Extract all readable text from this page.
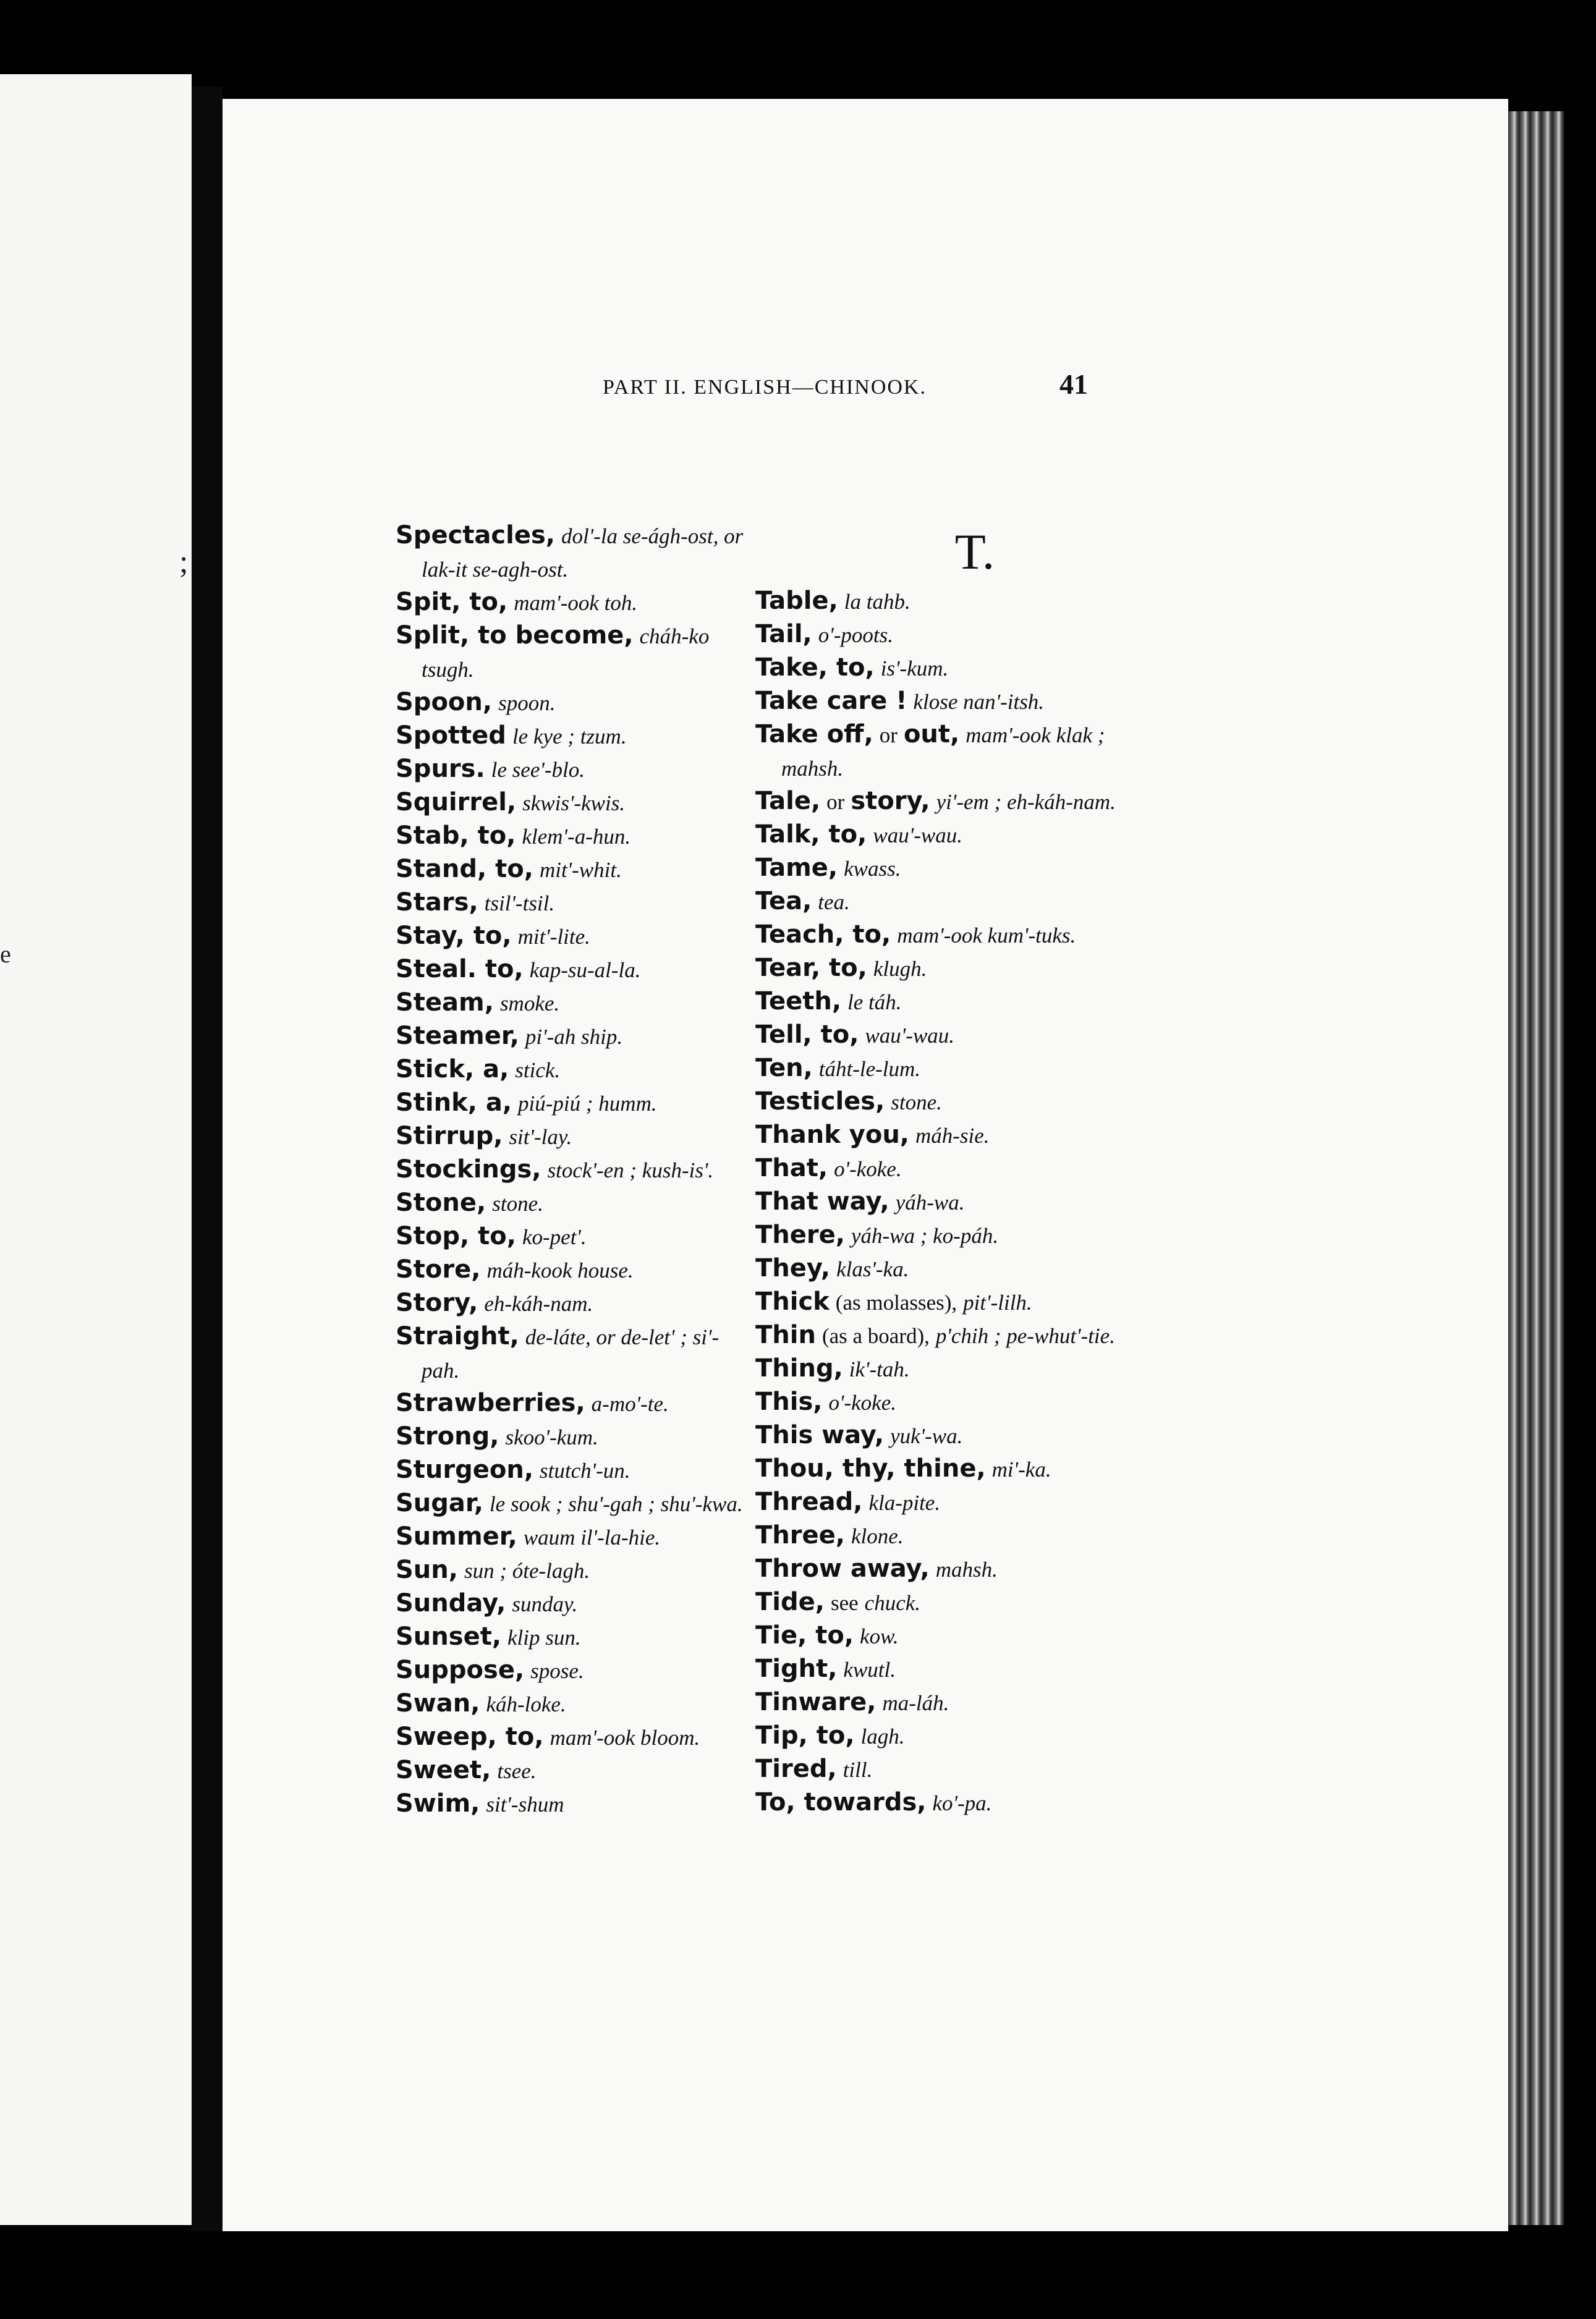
;
e
PART II. ENGLISH—CHINOOK.	41
Spectacles, dol'-la se-ágh-ost, or lak-it se-agh-ost.
Spit, to, mam'-ook toh.
Split, to become, cháh-ko tsugh.
Spoon, spoon.
Spotted le kye ; tzum.
Spurs. le see'-blo.
Squirrel, skwis'-kwis.
Stab, to, klem'-a-hun.
Stand, to, mit'-whit.
Stars, tsil'-tsil.
Stay, to, mit'-lite.
Steal. to, kap-su-al-la.
Steam, smoke.
Steamer, pi'-ah ship.
Stick, a, stick.
Stink, a, piú-piú ; humm.
Stirrup, sit'-lay.
Stockings, stock'-en ; kush-is'.
Stone, stone.
Stop, to, ko-pet'.
Store, máh-kook house.
Story, eh-káh-nam.
Straight, de-láte, or de-let' ; si'-pah.
Strawberries, a-mo'-te.
Strong, skoo'-kum.
Sturgeon, stutch'-un.
Sugar, le sook ; shu'-gah ; shu'-kwa.
Summer, waum il'-la-hie.
Sun, sun ; óte-lagh.
Sunday, sunday.
Sunset, klip sun.
Suppose, spose.
Swan, káh-loke.
Sweep, to, mam'-ook bloom.
Sweet, tsee.
Swim, sit'-shum
T.
Table, la tahb.
Tail, o'-poots.
Take, to, is'-kum.
Take care ! klose nan'-itsh.
Take off, or out, mam'-ook klak ; mahsh.
Tale, or story, yi'-em ; eh-káh-nam.
Talk, to, wau'-wau.
Tame, kwass.
Tea, tea.
Teach, to, mam'-ook kum'-tuks.
Tear, to, klugh.
Teeth, le táh.
Tell, to, wau'-wau.
Ten, táht-le-lum.
Testicles, stone.
Thank you, máh-sie.
That, o'-koke.
That way, yáh-wa.
There, yáh-wa ; ko-páh.
They, klas'-ka.
Thick (as molasses), pit'-lilh.
Thin (as a board), p'chih ; pe-whut'-tie.
Thing, ik'-tah.
This, o'-koke.
This way, yuk'-wa.
Thou, thy, thine, mi'-ka.
Thread, kla-pite.
Three, klone.
Throw away, mahsh.
Tide, see chuck.
Tie, to, kow.
Tight, kwutl.
Tinware, ma-láh.
Tip, to, lagh.
Tired, till.
To, towards, ko'-pa.
